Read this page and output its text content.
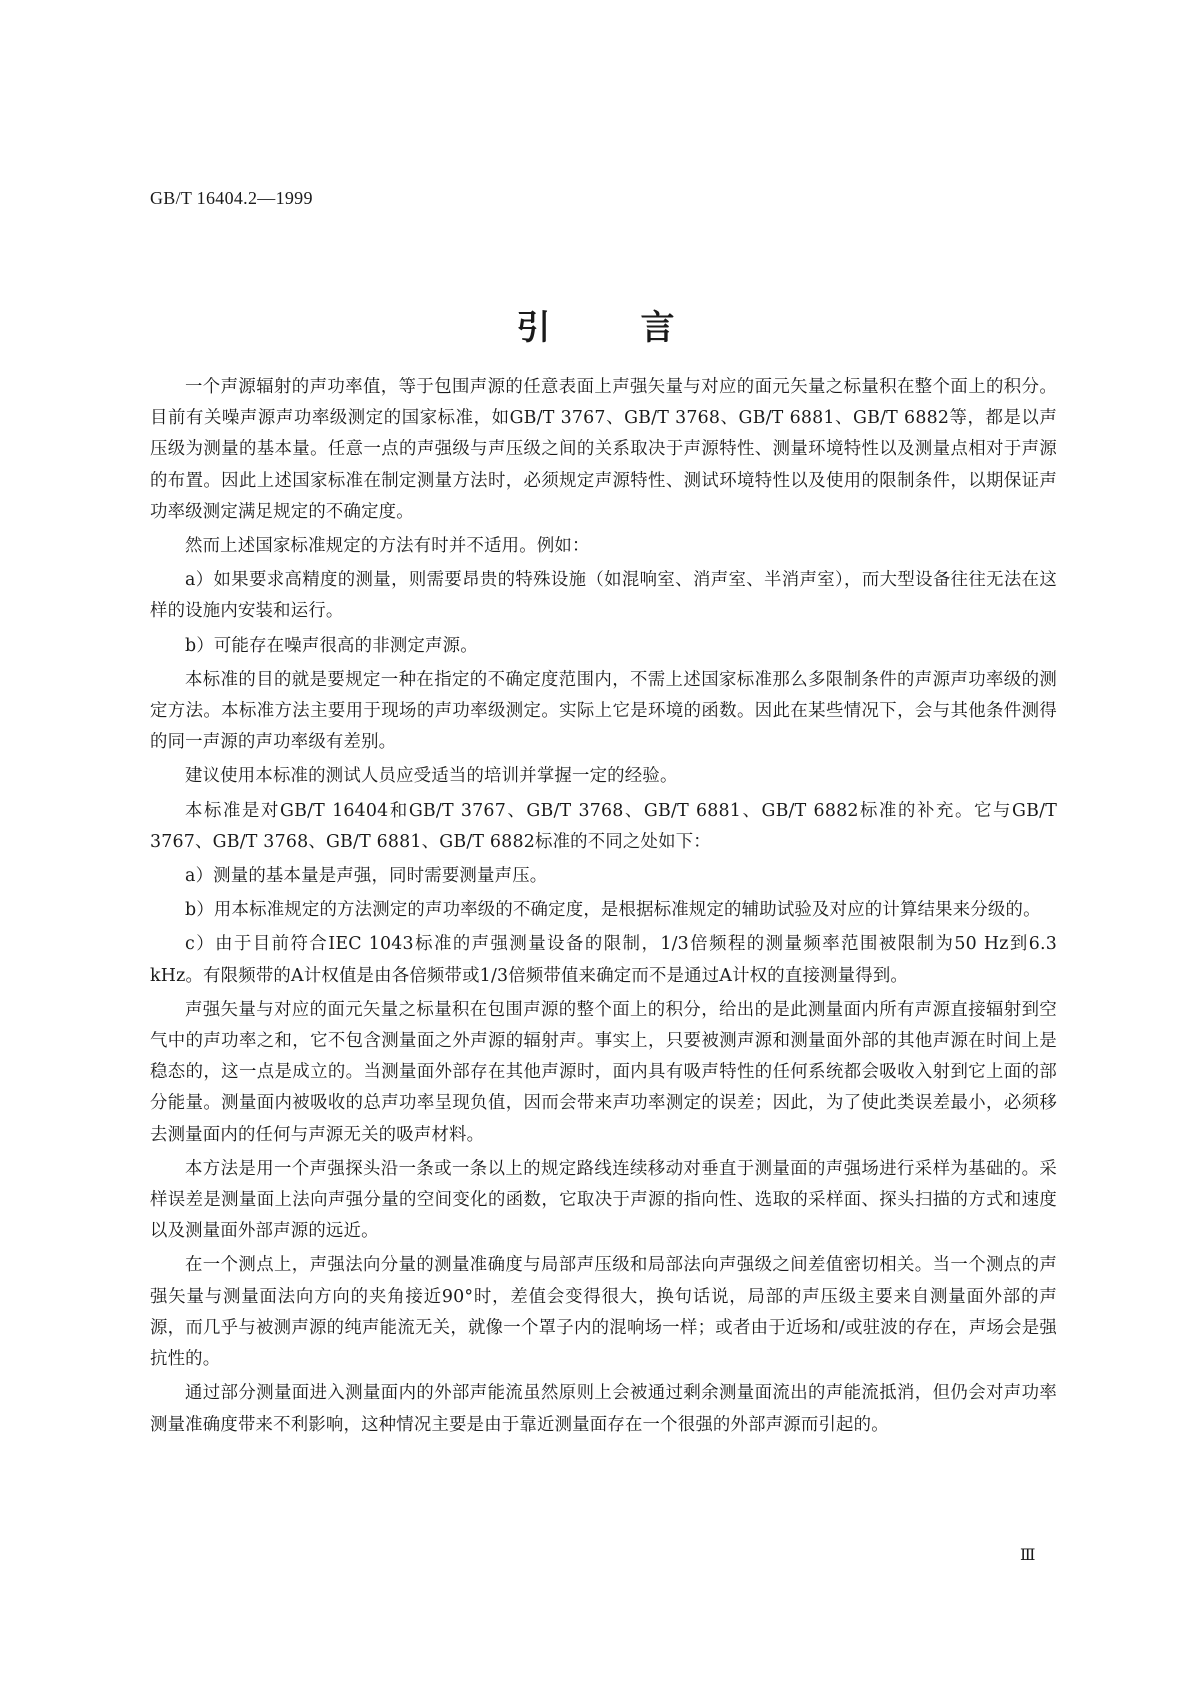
GB/T 16404.2—1999
引言

一个声源辐射的声功率值，等于包围声源的任意表面上声强矢量与对应的面元矢量之标量积在整个面上的积分。目前有关噪声源声功率级测定的国家标准，如GB/T 3767、GB/T 3768、GB/T 6881、GB/T 6882等，都是以声压级为测量的基本量。任意一点的声强级与声压级之间的关系取决于声源特性、测量环境特性以及测量点相对于声源的布置。因此上述国家标准在制定测量方法时，必须规定声源特性、测试环境特性以及使用的限制条件，以期保证声功率级测定满足规定的不确定度。

然而上述国家标准规定的方法有时并不适用。例如：

a）如果要求高精度的测量，则需要昂贵的特殊设施（如混响室、消声室、半消声室），而大型设备往往无法在这样的设施内安装和运行。

b）可能存在噪声很高的非测定声源。

本标准的目的就是要规定一种在指定的不确定度范围内，不需上述国家标准那么多限制条件的声源声功率级的测定方法。本标准方法主要用于现场的声功率级测定。实际上它是环境的函数。因此在某些情况下，会与其他条件测得的同一声源的声功率级有差别。

建议使用本标准的测试人员应受适当的培训并掌握一定的经验。

本标准是对GB/T 16404和GB/T 3767、GB/T 3768、GB/T 6881、GB/T 6882标准的补充。它与GB/T 3767、GB/T 3768、GB/T 6881、GB/T 6882标准的不同之处如下：

a）测量的基本量是声强，同时需要测量声压。

b）用本标准规定的方法测定的声功率级的不确定度，是根据标准规定的辅助试验及对应的计算结果来分级的。

c）由于目前符合IEC 1043标准的声强测量设备的限制，1/3倍频程的测量频率范围被限制为50 Hz到6.3 kHz。有限频带的A计权值是由各倍频带或1/3倍频带值来确定而不是通过A计权的直接测量得到。

声强矢量与对应的面元矢量之标量积在包围声源的整个面上的积分，给出的是此测量面内所有声源直接辐射到空气中的声功率之和，它不包含测量面之外声源的辐射声。事实上，只要被测声源和测量面外部的其他声源在时间上是稳态的，这一点是成立的。当测量面外部存在其他声源时，面内具有吸声特性的任何系统都会吸收入射到它上面的部分能量。测量面内被吸收的总声功率呈现负值，因而会带来声功率测定的误差；因此，为了使此类误差最小，必须移去测量面内的任何与声源无关的吸声材料。

本方法是用一个声强探头沿一条或一条以上的规定路线连续移动对垂直于测量面的声强场进行采样为基础的。采样误差是测量面上法向声强分量的空间变化的函数，它取决于声源的指向性、选取的采样面、探头扫描的方式和速度以及测量面外部声源的远近。

在一个测点上，声强法向分量的测量准确度与局部声压级和局部法向声强级之间差值密切相关。当一个测点的声强矢量与测量面法向方向的夹角接近90°时，差值会变得很大，换句话说，局部的声压级主要来自测量面外部的声源，而几乎与被测声源的纯声能流无关，就像一个罩子内的混响场一样；或者由于近场和/或驻波的存在，声场会是强抗性的。

通过部分测量面进入测量面内的外部声能流虽然原则上会被通过剩余测量面流出的声能流抵消，但仍会对声功率测量准确度带来不利影响，这种情况主要是由于靠近测量面存在一个很强的外部声源而引起的。

Ⅲ
